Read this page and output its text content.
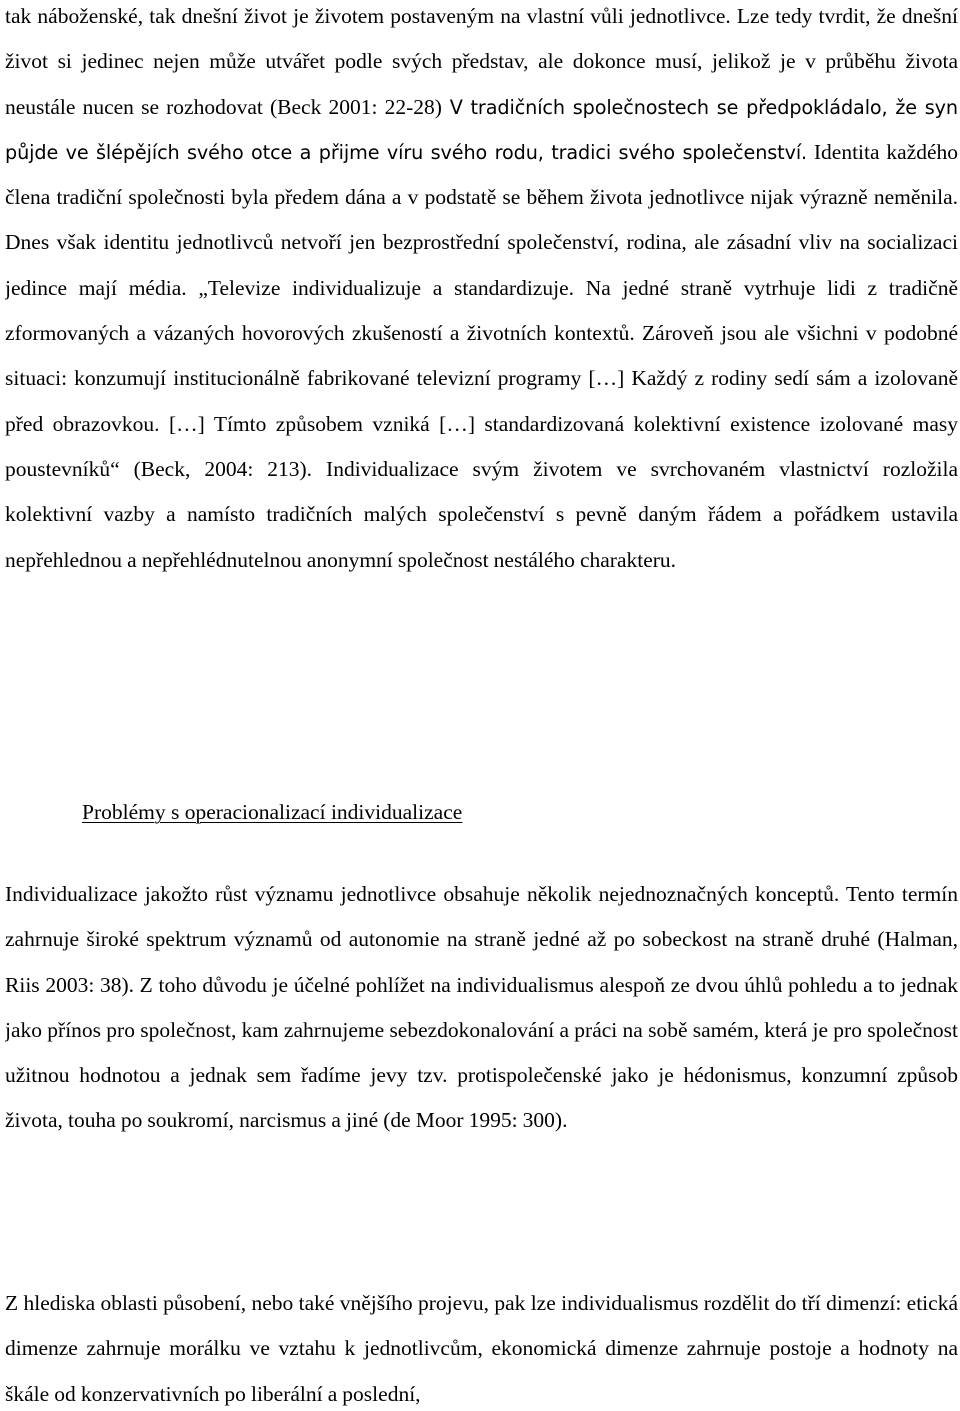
tak náboženské, tak dnešní život je životem postaveným na vlastní vůli jednotlivce. Lze tedy tvrdit, že dnešní život si jedinec nejen může utvářet podle svých představ, ale dokonce musí, jelikož je v průběhu života neustále nucen se rozhodovat (Beck 2001: 22-28) V tradičních společnostech se předpokládalo, že syn půjde ve šlépějích svého otce a přijme víru svého rodu, tradici svého společenství. Identita každého člena tradiční společnosti byla předem dána a v podstatě se během života jednotlivce nijak výrazně neměnila. Dnes však identitu jednotlivců netvoří jen bezprostřední společenství, rodina, ale zásadní vliv na socializaci jedince mají média. „Televize individualizuje a standardizuje. Na jedné straně vytrhuje lidi z tradičně zformovaných a vázaných hovorových zkušeností a životních kontextů. Zároveň jsou ale všichni v podobné situaci: konzumují institucionálně fabrikované televizní programy […] Každý z rodiny sedí sám a izolovaně před obrazovkou. […] Tímto způsobem vzniká […] standardizovaná kolektivní existence izolované masy poustevníků“ (Beck, 2004: 213). Individualizace svým životem ve svrchovaném vlastnictví rozložila kolektivní vazby a namísto tradičních malých společenství s pevně daným řádem a pořádkem ustavila nepřehlednou a nepřehlédnutelnou anonymní společnost nestálého charakteru.
Problémy s operacionalizací individualizace

Individualizace jakožto růst významu jednotlivce obsahuje několik nejednoznačných konceptů. Tento termín zahrnuje široké spektrum významů od autonomie na straně jedné až po sobeckost na straně druhé (Halman, Riis 2003: 38). Z toho důvodu je účelné pohlížet na individualismus alespoň ze dvou úhlů pohledu a to jednak jako přínos pro společnost, kam zahrnujeme sebezdokonalování a práci na sobě samém, která je pro společnost užitnou hodnotou a jednak sem řadíme jevy tzv. protispolečenské jako je hédonismus, konzumní způsob života, touha po soukromí, narcismus a jiné (de Moor 1995: 300).

Z hlediska oblasti působení, nebo také vnějšího projevu, pak lze individualismus rozdělit do tří dimenzí: etická dimenze zahrnuje morálku ve vztahu k jednotlivcům, ekonomická dimenze zahrnuje postoje a hodnoty na škále od konzervativních po liberální a poslední,
